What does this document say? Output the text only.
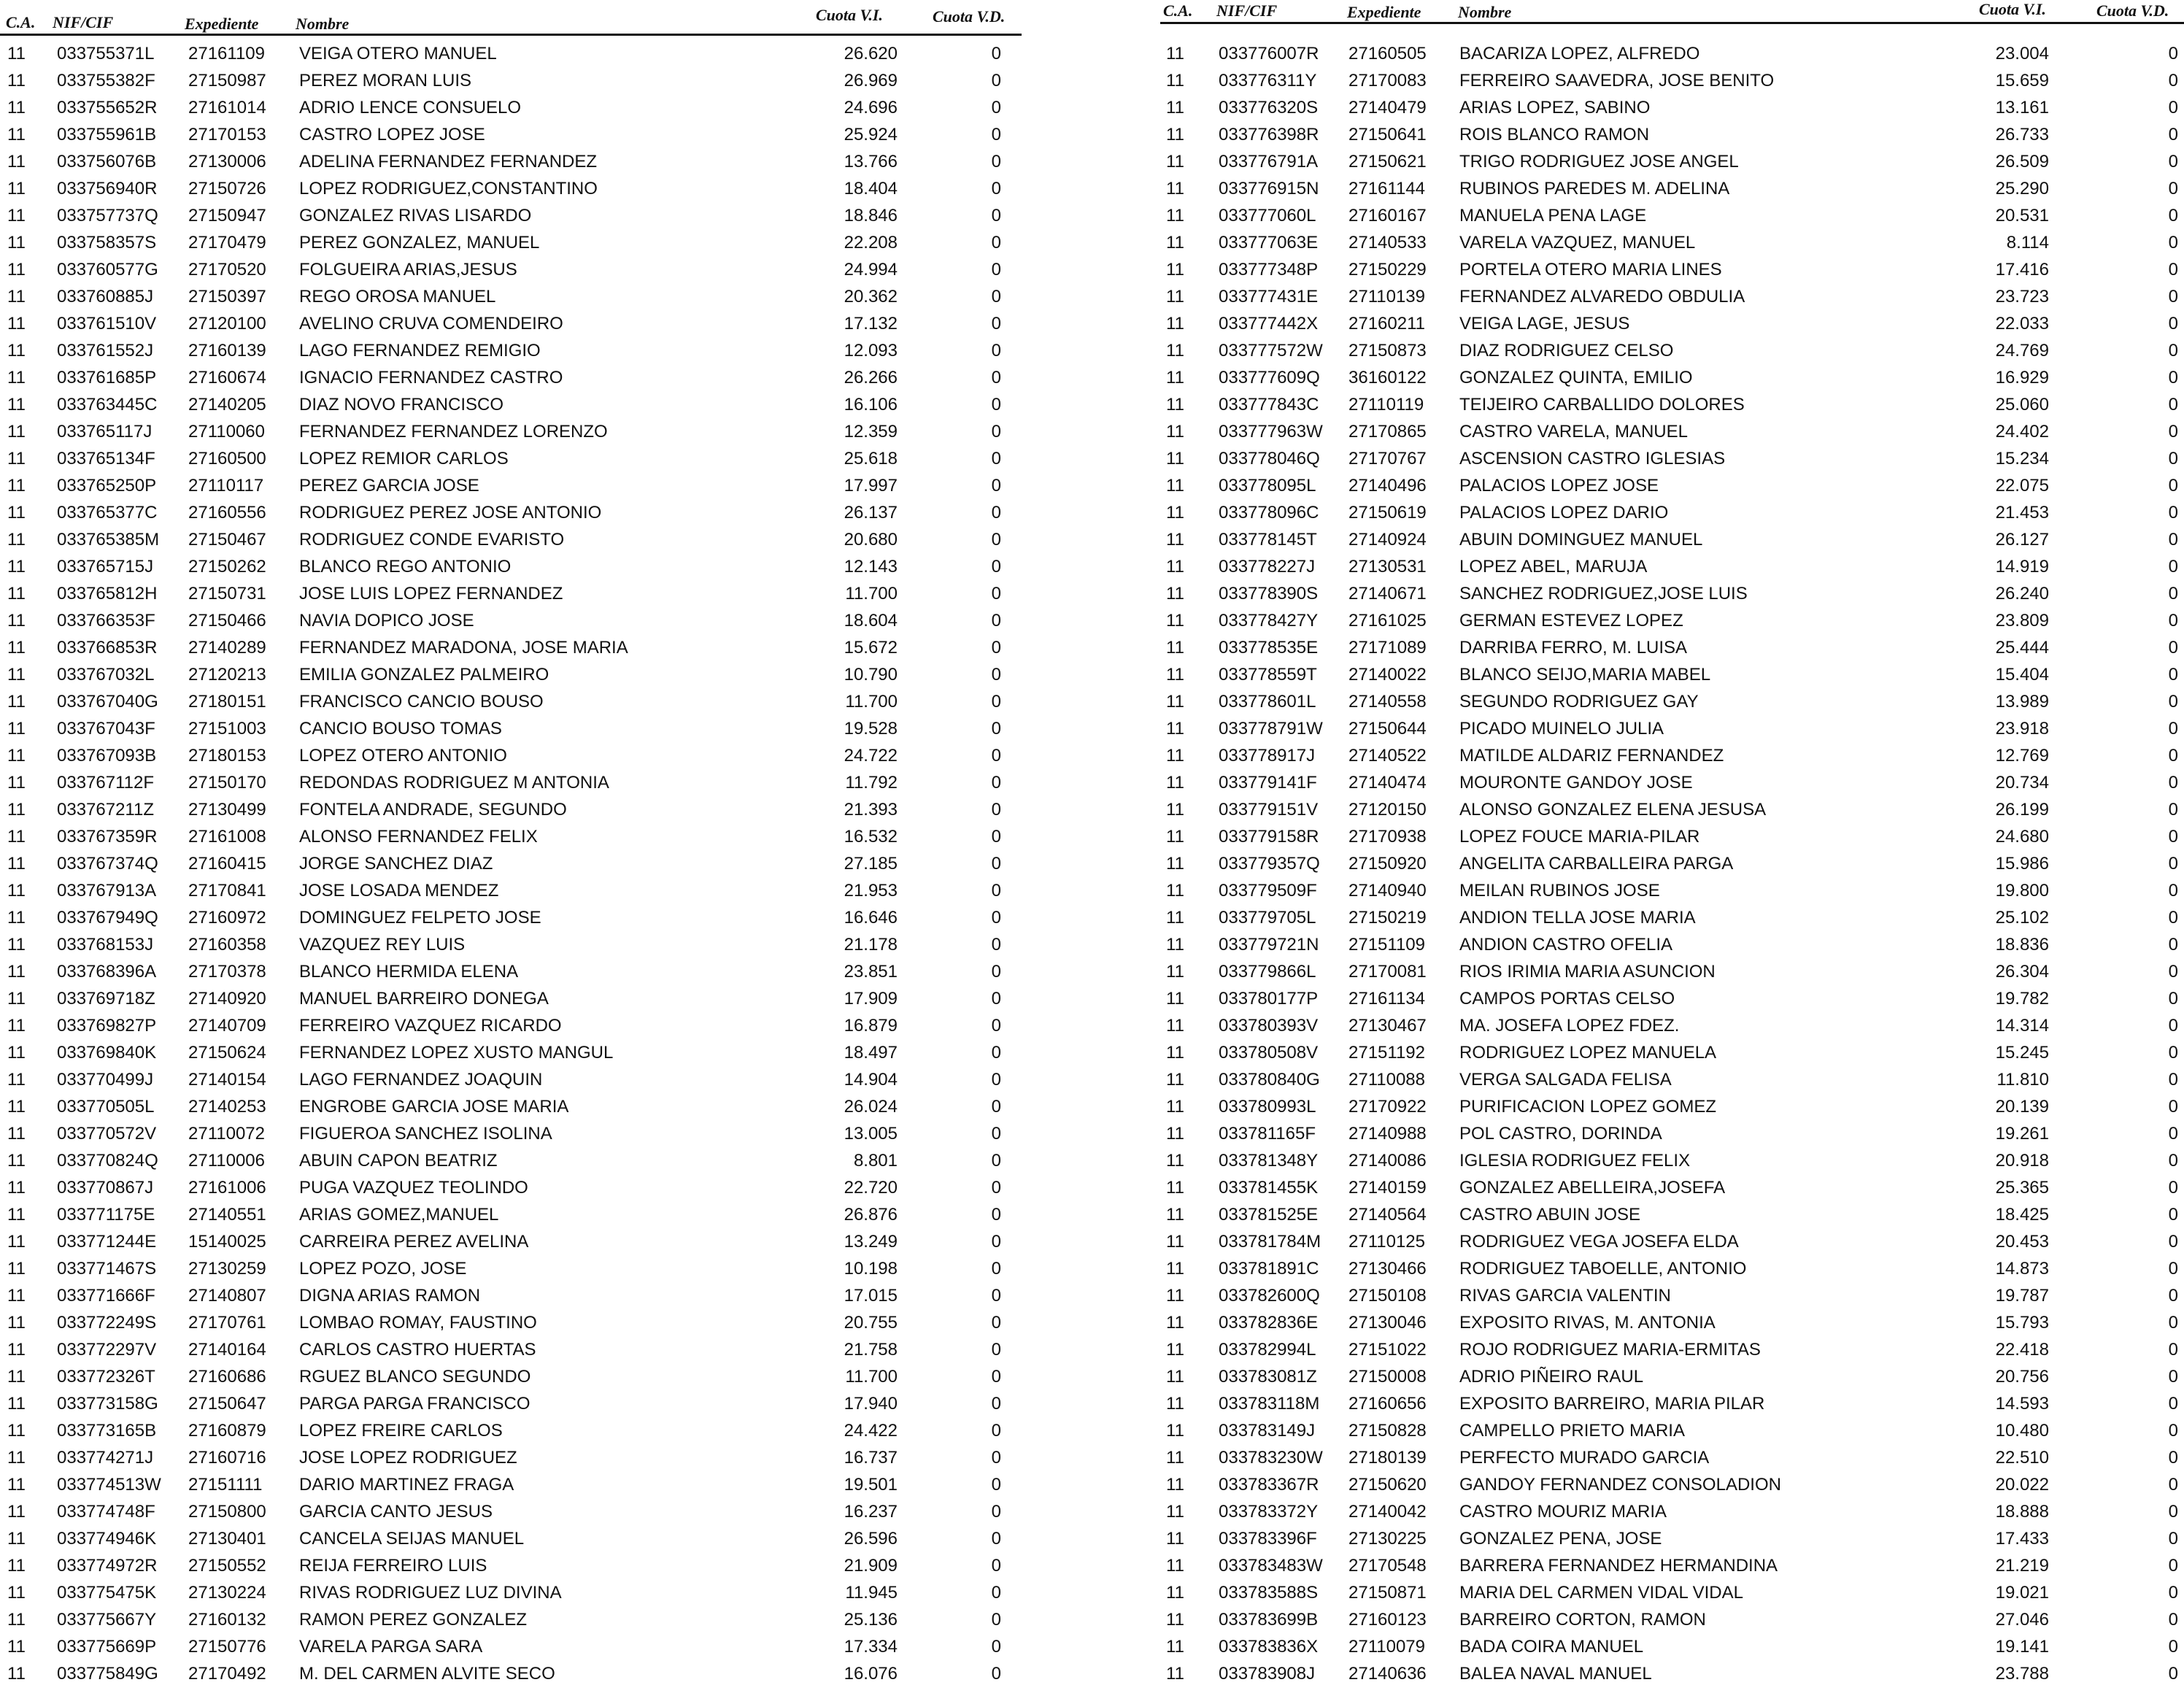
C.A. NIF/CIF	Expediente Nombre	Cuota V.I.	Cuota V.D.
11 033755371L 27161109 VEIGA OTERO MANUEL	26.620	0
11 033755382F 27150987 PEREZ MORAN LUIS	26.969	0
11 033755652R 27161014 ADRIO LENCE CONSUELO	24.696	0
11 033755961B 27170153 CASTRO LOPEZ JOSE	25.924	0
11 033756076B 27130006 ADELINA FERNANDEZ FERNANDEZ	13.766	0
11 033756940R 27150726 LOPEZ RODRIGUEZ,CONSTANTINO	18.404	0
11 033757737Q 27150947 GONZALEZ RIVAS LISARDO	18.846	0
11 033758357S 27170479 PEREZ GONZALEZ, MANUEL	22.208	0
11 033760577G 27170520 FOLGUEIRA ARIAS,JESUS	24.994	0
11 033760885J 27150397 REGO OROSA MANUEL	20.362	0
11 033761510V 27120100 AVELINO CRUVA COMENDEIRO	17.132	0
11 033761552J 27160139 LAGO FERNANDEZ REMIGIO	12.093	0
11 033761685P 27160674 IGNACIO FERNANDEZ CASTRO	26.266	0
11 033763445C 27140205 DIAZ NOVO FRANCISCO	16.106	0
11 033765117J 27110060 FERNANDEZ FERNANDEZ LORENZO	12.359	0
11 033765134F 27160500 LOPEZ REMIOR CARLOS	25.618	0
11 033765250P 27110117 PEREZ GARCIA JOSE	17.997	0
11 033765377C 27160556 RODRIGUEZ PEREZ JOSE ANTONIO	26.137	0
11 033765385M 27150467 RODRIGUEZ CONDE EVARISTO	20.680	0
11 033765715J 27150262 BLANCO REGO ANTONIO	12.143	0
11 033765812H 27150731 JOSE LUIS LOPEZ FERNANDEZ	11.700	0
11 033766353F 27150466 NAVIA DOPICO JOSE	18.604	0
11 033766853R 27140289 FERNANDEZ MARADONA, JOSE MARIA	15.672	0
11 033767032L 27120213 EMILIA GONZALEZ PALMEIRO	10.790	0
11 033767040G 27180151 FRANCISCO CANCIO BOUSO	11.700	0
11 033767043F 27151003 CANCIO BOUSO TOMAS	19.528	0
11 033767093B 27180153 LOPEZ OTERO ANTONIO	24.722	0
11 033767112F 27150170 REDONDAS RODRIGUEZ M ANTONIA	11.792	0
11 033767211Z 27130499 FONTELA ANDRADE, SEGUNDO	21.393	0
11 033767359R 27161008 ALONSO FERNANDEZ FELIX	16.532	0
11 033767374Q 27160415 JORGE SANCHEZ DIAZ	27.185	0
11 033767913A 27170841 JOSE LOSADA MENDEZ	21.953	0
11 033767949Q 27160972 DOMINGUEZ FELPETO JOSE	16.646	0
11 033768153J 27160358 VAZQUEZ REY LUIS	21.178	0
11 033768396A 27170378 BLANCO HERMIDA ELENA	23.851	0
11 033769718Z 27140920 MANUEL BARREIRO DONEGA	17.909	0
11 033769827P 27140709 FERREIRO VAZQUEZ RICARDO	16.879	0
11 033769840K 27150624 FERNANDEZ LOPEZ XUSTO MANGUL	18.497	0
11 033770499J 27140154 LAGO FERNANDEZ JOAQUIN	14.904	0
11 033770505L 27140253 ENGROBE GARCIA JOSE MARIA	26.024	0
11 033770572V 27110072 FIGUEROA SANCHEZ ISOLINA	13.005	0
11 033770824Q 27110006 ABUIN CAPON BEATRIZ	8.801	0
11 033770867J 27161006 PUGA VAZQUEZ TEOLINDO	22.720	0
11 033771175E 27140551 ARIAS GOMEZ,MANUEL	26.876	0
11 033771244E 15140025 CARREIRA PEREZ AVELINA	13.249	0
11 033771467S 27130259 LOPEZ POZO, JOSE	10.198	0
11 033771666F 27140807 DIGNA ARIAS RAMON	17.015	0
11 033772249S 27170761 LOMBAO ROMAY, FAUSTINO	20.755	0
11 033772297V 27140164 CARLOS CASTRO HUERTAS	21.758	0
11 033772326T 27160686 RGUEZ BLANCO SEGUNDO	11.700	0
11 033773158G 27150647 PARGA PARGA FRANCISCO	17.940	0
11 033773165B 27160879 LOPEZ FREIRE CARLOS	24.422	0
11 033774271J 27160716 JOSE LOPEZ RODRIGUEZ	16.737	0
11 033774513W 27151111 DARIO MARTINEZ FRAGA	19.501	0
11 033774748F 27150800 GARCIA CANTO JESUS	16.237	0
11 033774946K 27130401 CANCELA SEIJAS MANUEL	26.596	0
11 033774972R 27150552 REIJA FERREIRO LUIS	21.909	0
11 033775475K 27130224 RIVAS RODRIGUEZ LUZ DIVINA	11.945	0
11 033775667Y 27160132 RAMON PEREZ GONZALEZ	25.136	0
11 033775669P 27150776 VARELA PARGA SARA	17.334	0
11 033775849G 27170492 M. DEL CARMEN ALVITE SECO	16.076	0
C.A. NIF/CIF	Expediente Nombre	Cuota V.I.	Cuota V.D.
11 033776007R 27160505 BACARIZA LOPEZ, ALFREDO	23.004	0
11 033776311Y 27170083 FERREIRO SAAVEDRA, JOSE BENITO	15.659	0
11 033776320S 27140479 ARIAS LOPEZ, SABINO	13.161	0
11 033776398R 27150641 ROIS BLANCO RAMON	26.733	0
11 033776791A 27150621 TRIGO RODRIGUEZ JOSE ANGEL	26.509	0
11 033776915N 27161144 RUBINOS PAREDES M. ADELINA	25.290	0
11 033777060L 27160167 MANUELA PENA LAGE	20.531	0
11 033777063E 27140533 VARELA VAZQUEZ, MANUEL	8.114	0
11 033777348P 27150229 PORTELA OTERO MARIA LINES	17.416	0
11 033777431E 27110139 FERNANDEZ ALVAREDO OBDULIA	23.723	0
11 033777442X 27160211 VEIGA LAGE, JESUS	22.033	0
11 033777572W 27150873 DIAZ RODRIGUEZ CELSO	24.769	0
11 033777609Q 36160122 GONZALEZ QUINTA, EMILIO	16.929	0
11 033777843C 27110119 TEIJEIRO CARBALLIDO DOLORES	25.060	0
11 033777963W 27170865 CASTRO VARELA, MANUEL	24.402	0
11 033778046Q 27170767 ASCENSION CASTRO IGLESIAS	15.234	0
11 033778095L 27140496 PALACIOS LOPEZ JOSE	22.075	0
11 033778096C 27150619 PALACIOS LOPEZ DARIO	21.453	0
11 033778145T 27140924 ABUIN DOMINGUEZ MANUEL	26.127	0
11 033778227J 27130531 LOPEZ ABEL, MARUJA	14.919	0
11 033778390S 27140671 SANCHEZ RODRIGUEZ,JOSE LUIS	26.240	0
11 033778427Y 27161025 GERMAN ESTEVEZ LOPEZ	23.809	0
11 033778535E 27171089 DARRIBA FERRO, M. LUISA	25.444	0
11 033778559T 27140022 BLANCO SEIJO,MARIA MABEL	15.404	0
11 033778601L 27140558 SEGUNDO RODRIGUEZ GAY	13.989	0
11 033778791W 27150644 PICADO MUINELO JULIA	23.918	0
11 033778917J 27140522 MATILDE ALDARIZ FERNANDEZ	12.769	0
11 033779141F 27140474 MOURONTE GANDOY JOSE	20.734	0
11 033779151V 27120150 ALONSO GONZALEZ ELENA JESUSA	26.199	0
11 033779158R 27170938 LOPEZ FOUCE MARIA-PILAR	24.680	0
11 033779357Q 27150920 ANGELITA CARBALLEIRA PARGA	15.986	0
11 033779509F 27140940 MEILAN RUBINOS JOSE	19.800	0
11 033779705L 27150219 ANDION TELLA JOSE MARIA	25.102	0
11 033779721N 27151109 ANDION CASTRO OFELIA	18.836	0
11 033779866L 27170081 RIOS IRIMIA MARIA ASUNCION	26.304	0
11 033780177P 27161134 CAMPOS PORTAS CELSO	19.782	0
11 033780393V 27130467 MA. JOSEFA LOPEZ FDEZ.	14.314	0
11 033780508V 27151192 RODRIGUEZ LOPEZ MANUELA	15.245	0
11 033780840G 27110088 VERGA SALGADA FELISA	11.810	0
11 033780993L 27170922 PURIFICACION LOPEZ GOMEZ	20.139	0
11 033781165F 27140988 POL CASTRO, DORINDA	19.261	0
11 033781348Y 27140086 IGLESIA RODRIGUEZ FELIX	20.918	0
11 033781455K 27140159 GONZALEZ ABELLEIRA,JOSEFA	25.365	0
11 033781525E 27140564 CASTRO ABUIN JOSE	18.425	0
11 033781784M 27110125 RODRIGUEZ VEGA JOSEFA ELDA	20.453	0
11 033781891C 27130466 RODRIGUEZ TABOELLE, ANTONIO	14.873	0
11 033782600Q 27150108 RIVAS GARCIA VALENTIN	19.787	0
11 033782836E 27130046 EXPOSITO RIVAS, M. ANTONIA	15.793	0
11 033782994L 27151022 ROJO RODRIGUEZ MARIA-ERMITAS	22.418	0
11 033783081Z 27150008 ADRIO PIÑEIRO RAUL	20.756	0
11 033783118M 27160656 EXPOSITO BARREIRO, MARIA PILAR	14.593	0
11 033783149J 27150828 CAMPELLO PRIETO MARIA	10.480	0
11 033783230W 27180139 PERFECTO MURADO GARCIA	22.510	0
11 033783367R 27150620 GANDOY FERNANDEZ CONSOLADION	20.022	0
11 033783372Y 27140042 CASTRO MOURIZ MARIA	18.888	0
11 033783396F 27130225 GONZALEZ PENA, JOSE	17.433	0
11 033783483W 27170548 BARRERA FERNANDEZ HERMANDINA	21.219	0
11 033783588S 27150871 MARIA DEL CARMEN VIDAL VIDAL	19.021	0
11 033783699B 27160123 BARREIRO CORTON, RAMON	27.046	0
11 033783836X 27110079 BADA COIRA MANUEL	19.141	0
11 033783908J 27140636 BALEA NAVAL MANUEL	23.788	0
